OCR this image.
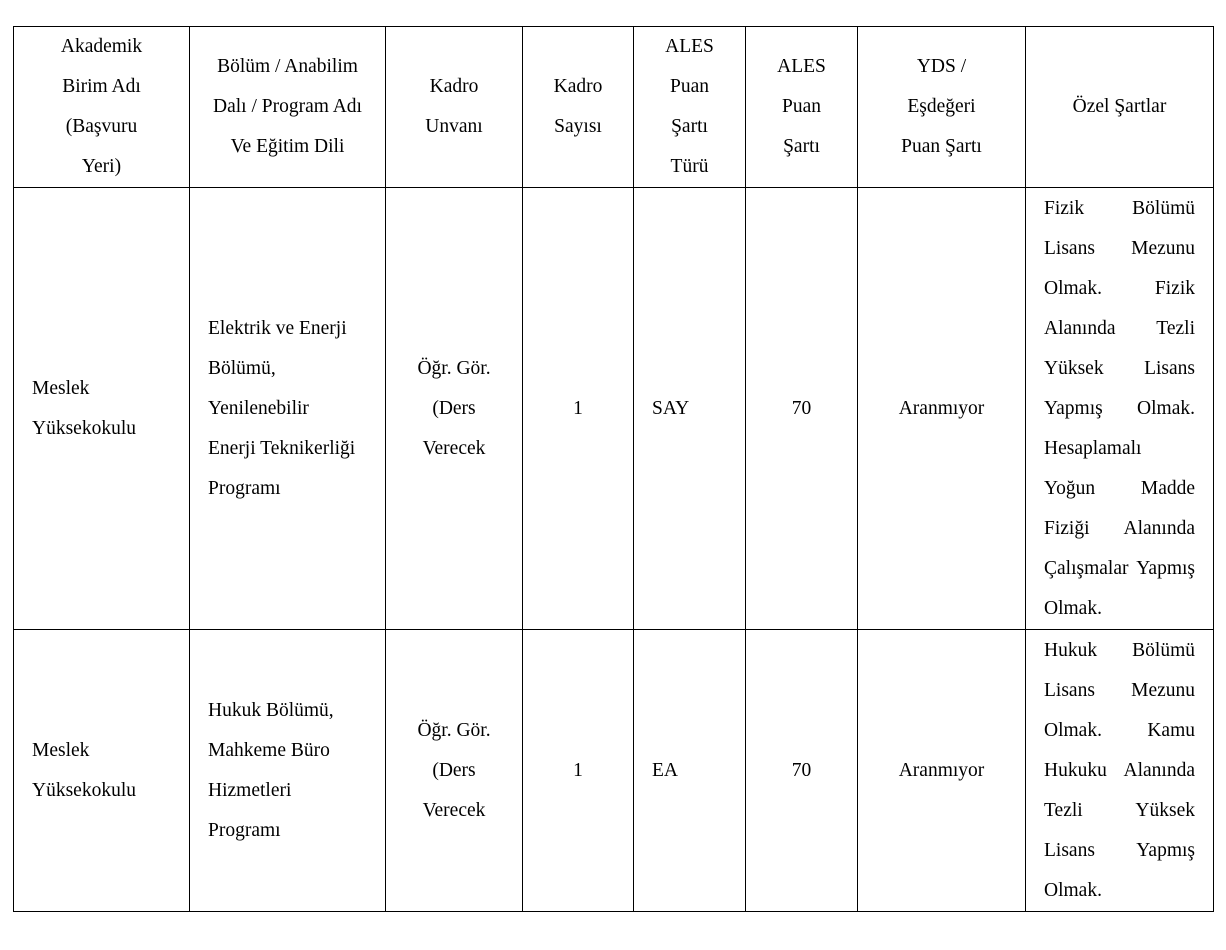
Akademik Birim Adı (Başvuru Yeri)	Bölüm / Anabilim Dalı / Program Adı Ve Eğitim Dili	Kadro Unvanı	Kadro Sayısı	ALES Puan Şartı Türü	ALES Puan Şartı	YDS / Eşdeğeri Puan Şartı	Özel Şartlar
Meslek Yüksekokulu	Elektrik ve Enerji Bölümü, Yenilenebilir Enerji Teknikerliği Programı	Öğr. Gör. (Ders Verecek	1	SAY	70	Aranmıyor	Fizik Bölümü Lisans Mezunu Olmak. Fizik Alanında Tezli Yüksek Lisans Yapmış Olmak. Hesaplamalı Yoğun Madde Fiziği Alanında Çalışmalar Yapmış Olmak.

Meslek Yüksekokulu	Hukuk Bölümü, Mahkeme Büro Hizmetleri Programı	Öğr. Gör. (Ders Verecek	1	EA	70	Aranmıyor	Hukuk Bölümü Lisans Mezunu Olmak. Kamu Hukuku Alanında Tezli Yüksek Lisans Yapmış Olmak.
